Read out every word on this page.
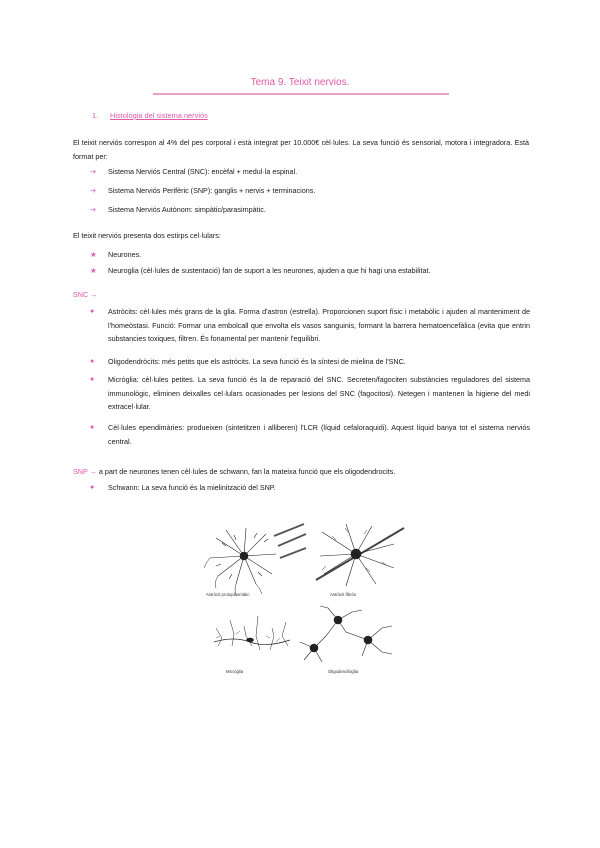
Tema 9. Teixit nervios.
1. Histologia del sistema nerviós
El teixit nerviós correspon al 4% del pes corporal i està integrat per 10.000€ cèl·lules. La seva funció és sensorial, motora i integradora. Està format per:
➔	Sistema Nerviós Central (SNC): encèfal + medul·la espinal.
➔	Sistema Nerviós Perifèric (SNP): ganglis + nervis + terminacions.
➔	Sistema Nerviós Autònom: simpàtic/parasimpàtic.
El teixit nerviós presenta dos estirps cel·lulars:
★	Neurones.
★	Neuroglia (cèl·lules de sustentació) fan de suport a les neurones, ajuden a que hi hagi una estabilitat.
SNC →
●	Astròcits: cèl·lules més grans de la glia. Forma d'astron (estrella). Proporcionen suport físic i metabòlic i ajuden al manteniment de l'homeòstasi. Funció: Formar una embolcall que envolta els vasos sanguinis, formant la barrera hematoencefàlica (evita que entrin substancies toxiques, filtren. És fonamental per mantenir l'equilibri.
●	Oligodendròcits: més petits que els astròcits. La seva funció és la síntesi de mielina de l'SNC.
●	Micròglia: cèl·lules petites. La seva funció és la de reparació del SNC. Secreten/fagociten substàncies reguladores del sistema immunològic, eliminen deixalles cel·lulars ocasionades per lesions del SNC (fagocitosi). Netegen i mantenen la higiene del medi extracel·lular.
●	Cèl·lules ependimàries: produeixen (sintetitzen i alliberen) l'LCR (líquid cefaloraquidi). Aquest líquid banya tot el sistema nerviós central.
SNP → a part de neurones tenen cèl·lules de schwann, fan la mateixa funció que els oligodendrocits.
●	Schwann: La seva funció és la mielinització del SNP.
Astròcit protoplasmàtic	Astròcit fibròs
Micròglia	Oligodendròglia
